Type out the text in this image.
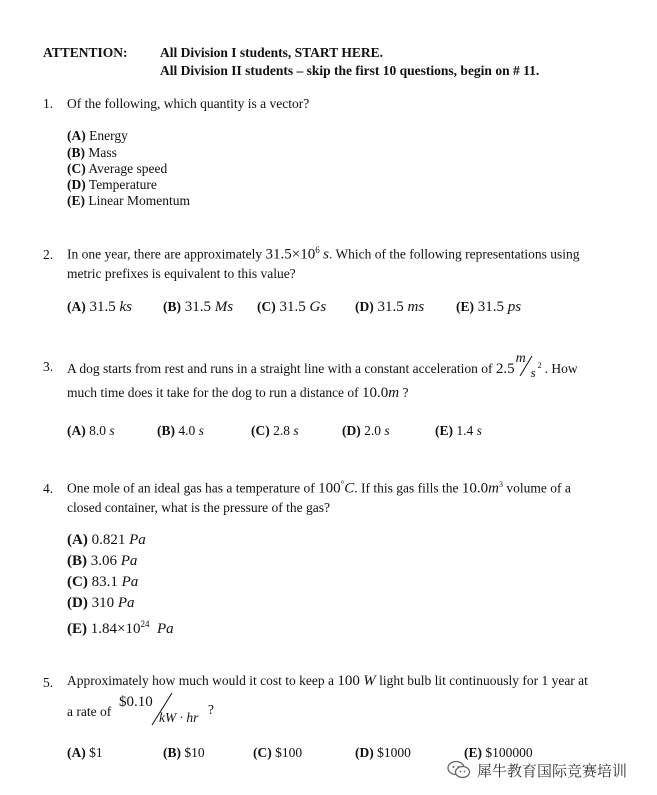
ATTENTION: All Division I students, START HERE.
All Division II students – skip the first 10 questions, begin on # 11.
1. Of the following, which quantity is a vector?
(A) Energy
(B) Mass
(C) Average speed
(D) Temperature
(E) Linear Momentum
2. In one year, there are approximately $31.5\times 10^6$ s. Which of the following representations using
metric prefixes is equivalent to this value?
(A) 31.5 ks (B) 31.5 Ms (C) 31.5 Gs (D) 31.5 ms (E) 31.5 ps
3. A dog starts from rest and runs in a straight line with a constant acceleration of 2.5
m
s 2 . How
much time does it take for the dog to run a distance of 10.0m ?
(A) 8.0 s	(B) 4.0 s	(C) 2.8 s	(D) 2.0 s	(E) 1.4 s
4. One mole of an ideal gas has a temperature of 100°C. If this gas fills the $10.0m^3$ volume of a
closed container, what is the pressure of the gas?
(A) 0.821 Pa
(B) 3.06 Pa
(C) 83.1 Pa
(D) 310 Pa
(E) $1.84\times 10^{24}$ Pa
5. Approximately how much would it cost to keep a 100 W light bulb lit continuously for 1 year at
a rate of
$0.10
kW · hr
?
(A) $1	(B) $10	(C) $100	(D) $1000	(E) $100000
犀牛教育国际竞赛培训
